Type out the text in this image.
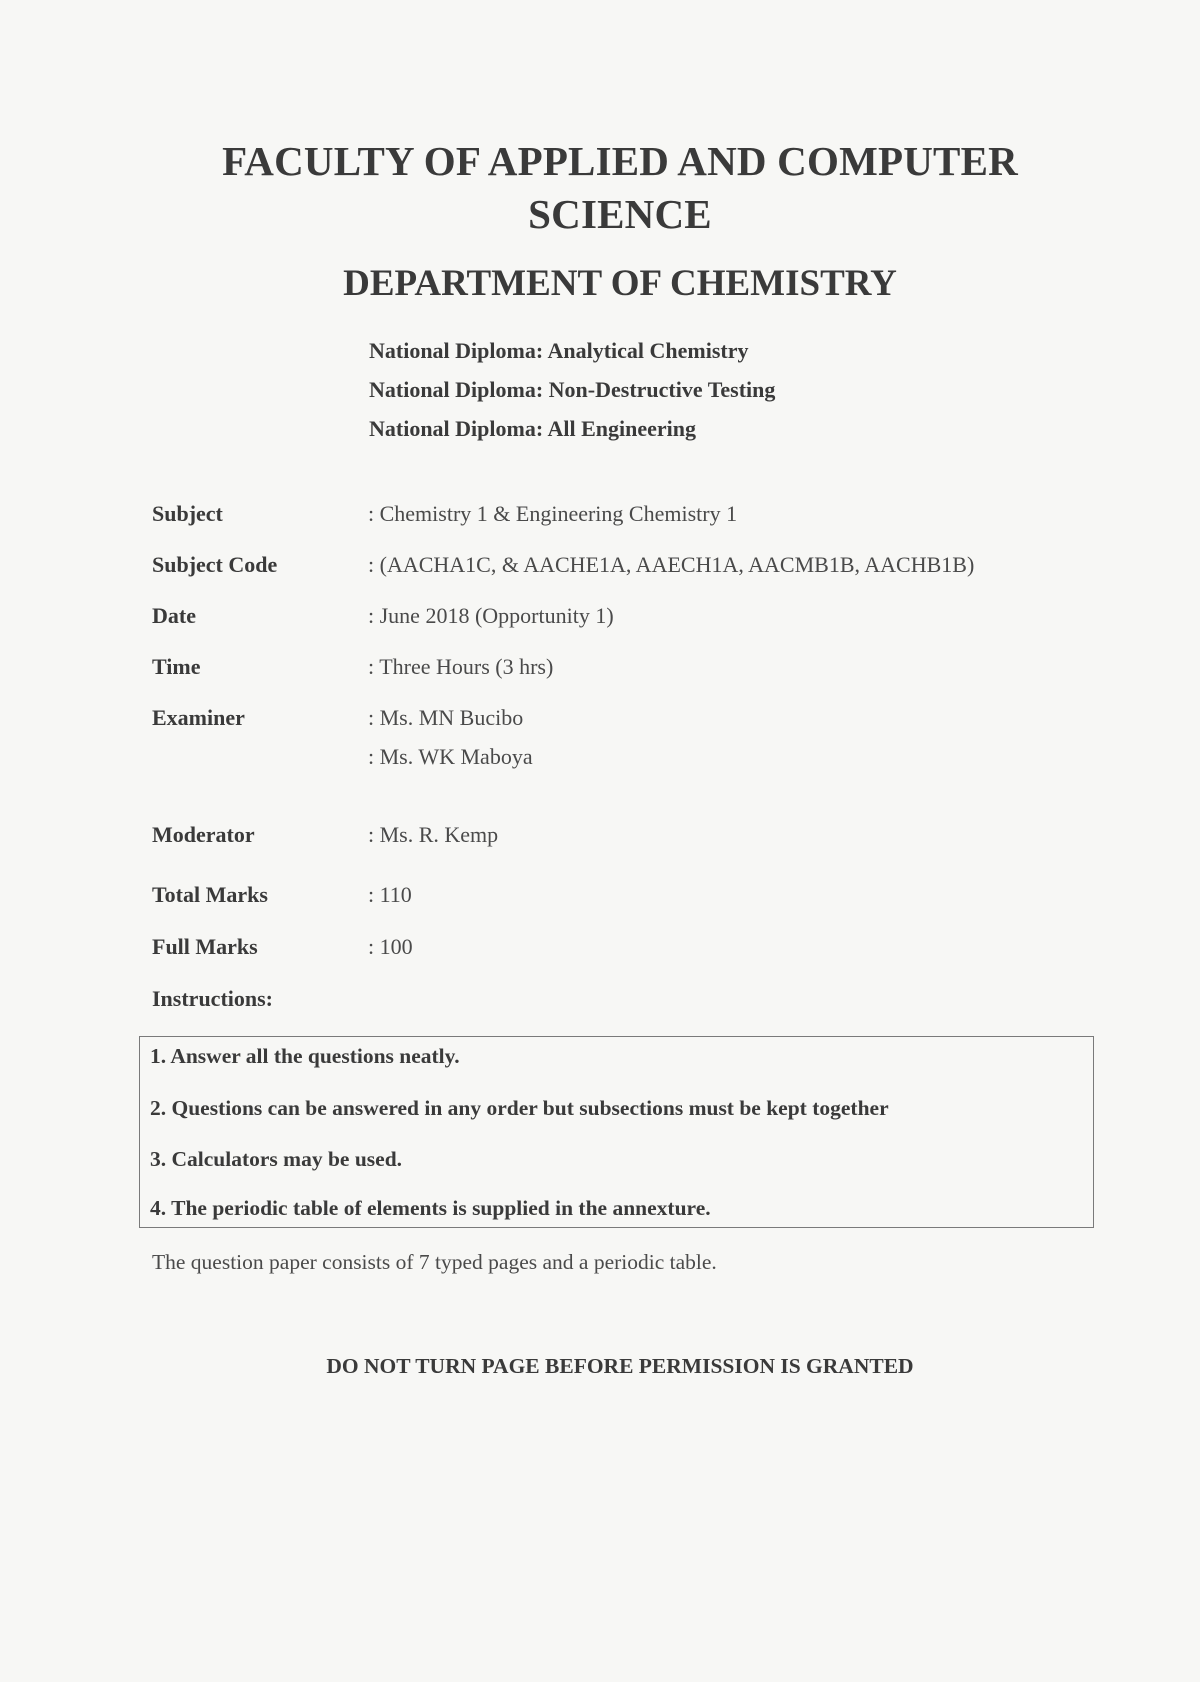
FACULTY OF APPLIED AND COMPUTER
SCIENCE
DEPARTMENT OF CHEMISTRY
National Diploma: Analytical Chemistry
National Diploma: Non-Destructive Testing
National Diploma: All Engineering
Subject	: Chemistry 1 & Engineering Chemistry 1
Subject Code	: (AACHA1C, & AACHE1A, AAECH1A, AACMB1B, AACHB1B)
Date	: June 2018 (Opportunity 1)
Time	: Three Hours (3 hrs)
Examiner	: Ms. MN Bucibo
: Ms. WK Maboya
Moderator	: Ms. R. Kemp
Total Marks	: 110
Full Marks	: 100
Instructions:
1. Answer all the questions neatly.
2. Questions can be answered in any order but subsections must be kept together
3. Calculators may be used.
4. The periodic table of elements is supplied in the annexture.
The question paper consists of 7 typed pages and a periodic table.
DO NOT TURN PAGE BEFORE PERMISSION IS GRANTED
